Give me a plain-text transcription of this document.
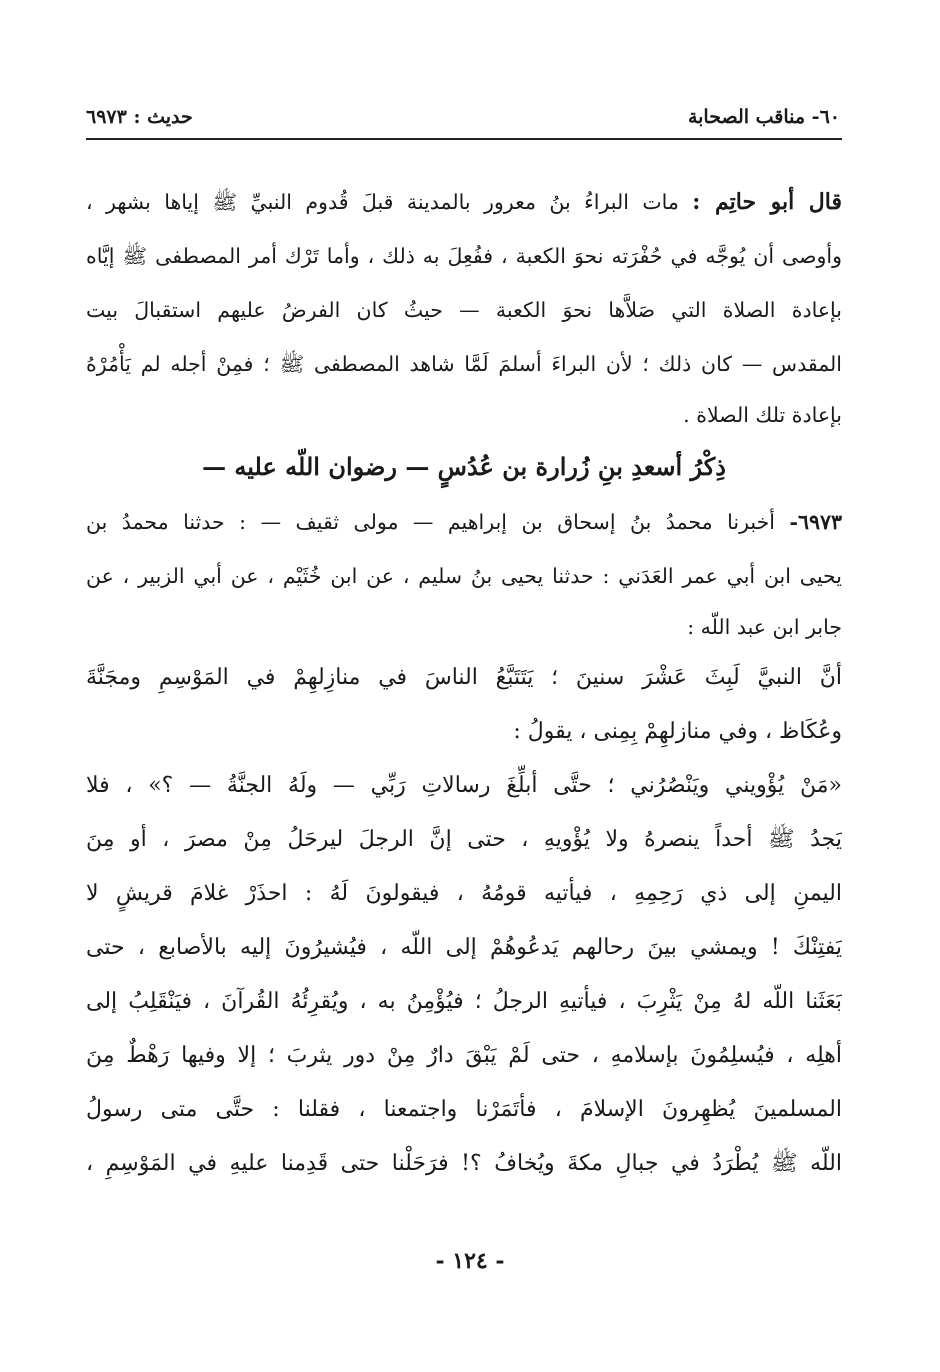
٦٠- مناقب الصحابة
حديث : ٦٩٧٣
قال أبو حاتِم : مات البراءُ بنُ معرور بالمدينة قبلَ قُدوم النبيِّ ﷺ إياها بشهر ،
وأوصى أن يُوجَّه في حُفْرَته نحوَ الكعبة ، ففُعِلَ به ذلك ، وأما تَرْك أمر المصطفى ﷺ إيَّاه
بإعادة الصلاة التي صَلاَّها نحوَ الكعبة — حيثُ كان الفرضُ عليهم استقبالَ بيت
المقدس — كان ذلك ؛ لأن البراءَ أسلمَ لَمَّا شاهد المصطفى ﷺ ؛ فمِنْ أجله لم يَأْمُرْهُ
بإعادة تلك الصلاة .
ذِكْرُ أسعدِ بنِ زُرارة بن عُدُسٍ — رضوان اللّه عليه —
٦٩٧٣- أخبرنا محمدُ بنُ إسحاق بن إبراهيم — مولى ثقيف — : حدثنا محمدُ بن
يحيى ابن أبي عمر العَدَني : حدثنا يحيى بنُ سليم ، عن ابن خُثَيْم ، عن أبي الزبير ، عن
جابر ابن عبد اللّه :
أنَّ النبيَّ لَبِثَ عَشْرَ سنينَ ؛ يَتَتَبَّعُ الناسَ في منازِلهِمْ في المَوْسِمِ ومجَنَّةَ
وعُكَاظ ، وفي منازلهِمْ بِمِنى ، يقولُ :
«مَنْ يُؤْويني ويَنْصُرُني ؛ حتَّى أبلِّغَ رسالاتِ رَبِّي — ولَهُ الجنَّةُ — ؟» ، فلا
يَجدُ ﷺ أحداً ينصرهُ ولا يُؤْويهِ ، حتى إنَّ الرجلَ ليرحَلُ مِنْ مصرَ ، أو مِنَ
اليمنِ إلى ذي رَحِمِهِ ، فيأتيه قومُهُ ، فيقولونَ لَهُ : احذَرْ غلامَ قريشٍ لا
يَفتِنْكَ ! ويمشي بينَ رحالهم يَدعُوهُمْ إلى اللّه ، فيُشيرُونَ إليه بالأصابع ، حتى
بَعَثَنا اللّه لهُ مِنْ يَثْرِبَ ، فيأتيهِ الرجلُ ؛ فيُؤْمِنُ به ، ويُقرِئُهُ القُرآنَ ، فيَنْقَلِبُ إلى
أهلِه ، فيُسلِمُونَ بإسلامهِ ، حتى لَمْ يَبْقَ دارٌ مِنْ دور يثربَ ؛ إلا وفيها رَهْطٌ مِنَ
المسلمينَ يُظهِرونَ الإسلامَ ، فأتَمَرْنا واجتمعنا ، فقلنا : حتَّى متى رسولُ
اللّه ﷺ يُطْرَدُ في جبالِ مكةَ ويُخافُ ؟! فرَحَلْنا حتى قَدِمنا عليهِ في المَوْسِمِ ،
- ١٢٤ -
